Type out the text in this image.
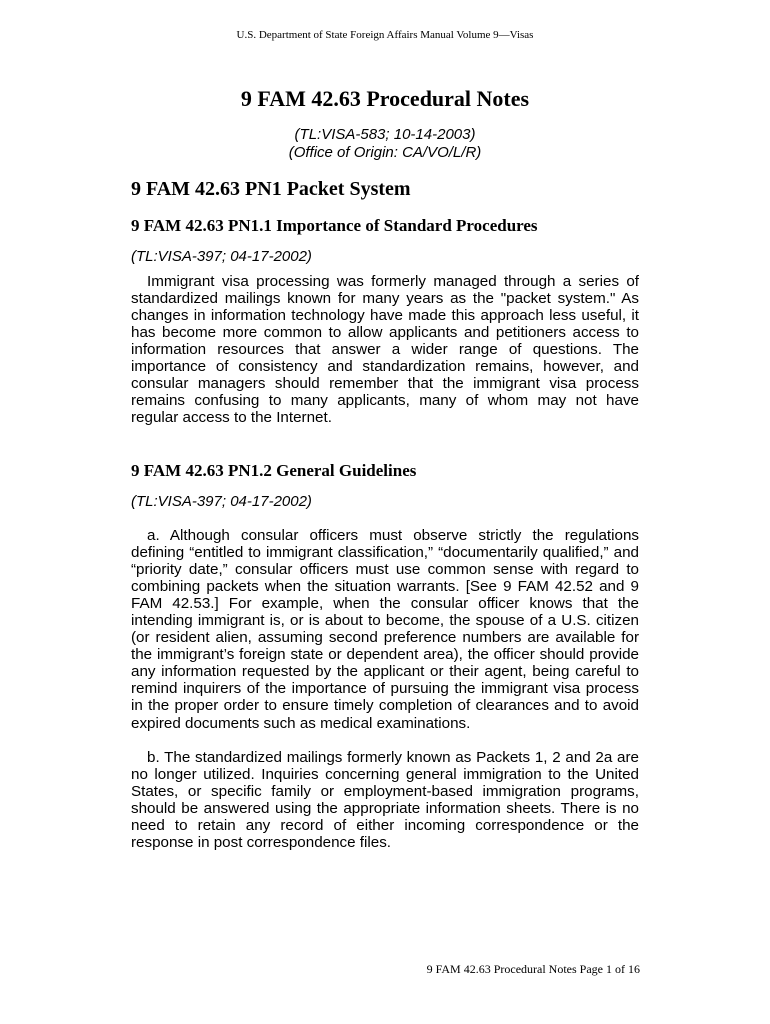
U.S. Department of State Foreign Affairs Manual Volume 9—Visas
9 FAM 42.63 Procedural Notes
(TL:VISA-583; 10-14-2003)
(Office of Origin: CA/VO/L/R)
9 FAM 42.63 PN1 Packet System
9 FAM 42.63 PN1.1 Importance of Standard Procedures
(TL:VISA-397; 04-17-2002)

Immigrant visa processing was formerly managed through a series of standardized mailings known for many years as the "packet system." As changes in information technology have made this approach less useful, it has become more common to allow applicants and petitioners access to information resources that answer a wider range of questions. The importance of consistency and standardization remains, however, and consular managers should remember that the immigrant visa process remains confusing to many applicants, many of whom may not have regular access to the Internet.

9 FAM 42.63 PN1.2 General Guidelines
(TL:VISA-397; 04-17-2002)

a. Although consular officers must observe strictly the regulations defining “entitled to immigrant classification,” “documentarily qualified,” and “priority date,” consular officers must use common sense with regard to combining packets when the situation warrants. [See 9 FAM 42.52 and 9 FAM 42.53.] For example, when the consular officer knows that the intending immigrant is, or is about to become, the spouse of a U.S. citizen (or resident alien, assuming second preference numbers are available for the immigrant’s foreign state or dependent area), the officer should provide any information requested by the applicant or their agent, being careful to remind inquirers of the importance of pursuing the immigrant visa process in the proper order to ensure timely completion of clearances and to avoid expired documents such as medical examinations.

b. The standardized mailings formerly known as Packets 1, 2 and 2a are no longer utilized. Inquiries concerning general immigration to the United States, or specific family or employment-based immigration programs, should be answered using the appropriate information sheets. There is no need to retain any record of either incoming correspondence or the response in post correspondence files.

9 FAM 42.63 Procedural Notes Page 1 of 16
